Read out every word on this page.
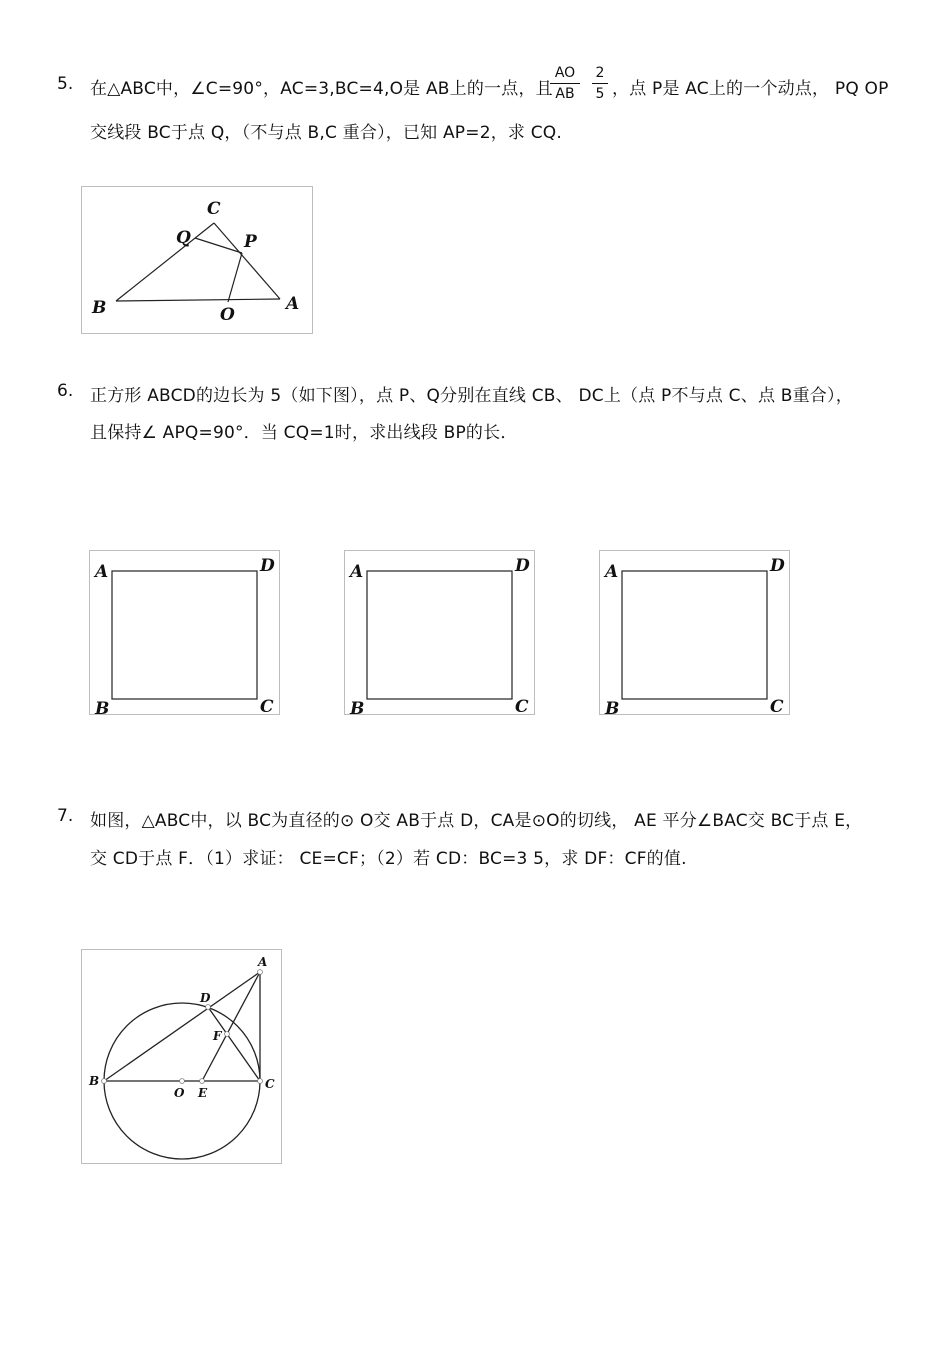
5. 在△ABC中，∠C=90°，AC=3,BC=4,O是 AB上的一点，且
AO
AB
2
5 ，点 P是 AC上的一个动点， PQ OP
交线段 BC于点 Q，（不与点 B,C 重合），已知 AP=2，求 CQ.
C
Q	P
B	O
A
6. 正方形 ABCD的边长为 5（如下图），点 P、Q分别在直线 CB、 DC上（点 P不与点 C、点 B重合），
且保持∠ APQ=90°．当 CQ=1时，求出线段 BP的长．
A	D
B	C
A	D
B	C
A	D
B	C
7. 如图，△ABC中，以 BC为直径的⊙ O交 AB于点 D，CA是⊙O的切线， AE 平分∠BAC交 BC于点 E，
交 CD于点 F．（1）求证： CE=CF；（2）若 CD：BC=3 5，求 DF：CF的值.
A
D
F
B
O E
C
